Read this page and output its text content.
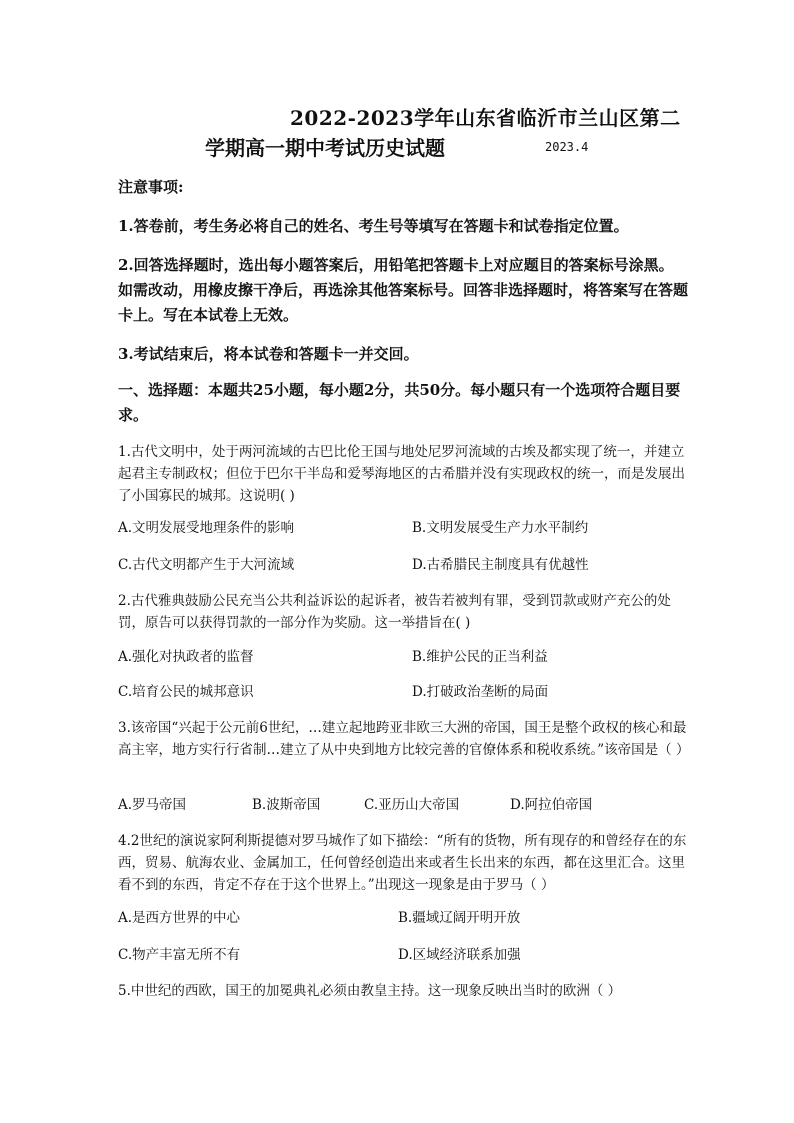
2022-2023学年山东省临沂市兰山区第二
学期高一期中考试历史试题	2023.4
注意事项:
1.答卷前，考生务必将自己的姓名、考生号等填写在答题卡和试卷指定位置。
2.回答选择题时，选出每小题答案后，用铅笔把答题卡上对应题目的答案标号涂黑。如需改动，用橡皮擦干净后，再选涂其他答案标号。回答非选择题时，将答案写在答题卡上。写在本试卷上无效。
3.考试结束后，将本试卷和答题卡一并交回。
一、选择题：本题共25小题，每小题2分，共50分。每小题只有一个选项符合题目要求。
1.古代文明中，处于两河流域的古巴比伦王国与地处尼罗河流域的古埃及都实现了统一，并建立起君主专制政权；但位于巴尔干半岛和爱琴海地区的古希腊并没有实现政权的统一，而是发展出了小国寡民的城邦。这说明( )
A.文明发展受地理条件的影响	B.文明发展受生产力水平制约
C.古代文明都产生于大河流域	D.古希腊民主制度具有优越性
2.古代雅典鼓励公民充当公共利益诉讼的起诉者，被告若被判有罪，受到罚款或财产充公的处罚，原告可以获得罚款的一部分作为奖励。这一举措旨在( )
A.强化对执政者的监督	B.维护公民的正当利益
C.培育公民的城邦意识	D.打破政治垄断的局面
3.该帝国“兴起于公元前6世纪，…建立起地跨亚非欧三大洲的帝国，国王是整个政权的核心和最高主宰，地方实行行省制…建立了从中央到地方比较完善的官僚体系和税收系统。”该帝国是（ ）
A.罗马帝国	B.波斯帝国	C.亚历山大帝国	D.阿拉伯帝国
4.2世纪的演说家阿利斯提德对罗马城作了如下描绘：“所有的货物，所有现存的和曾经存在的东西，贸易、航海农业、金属加工，任何曾经创造出来或者生长出来的东西，都在这里汇合。这里看不到的东西，肯定不存在于这个世界上。”出现这一现象是由于罗马（ ）
A.是西方世界的中心	B.疆域辽阔开明开放
C.物产丰富无所不有	D.区域经济联系加强
5.中世纪的西欧，国王的加冕典礼必须由教皇主持。这一现象反映出当时的欧洲（ ）
